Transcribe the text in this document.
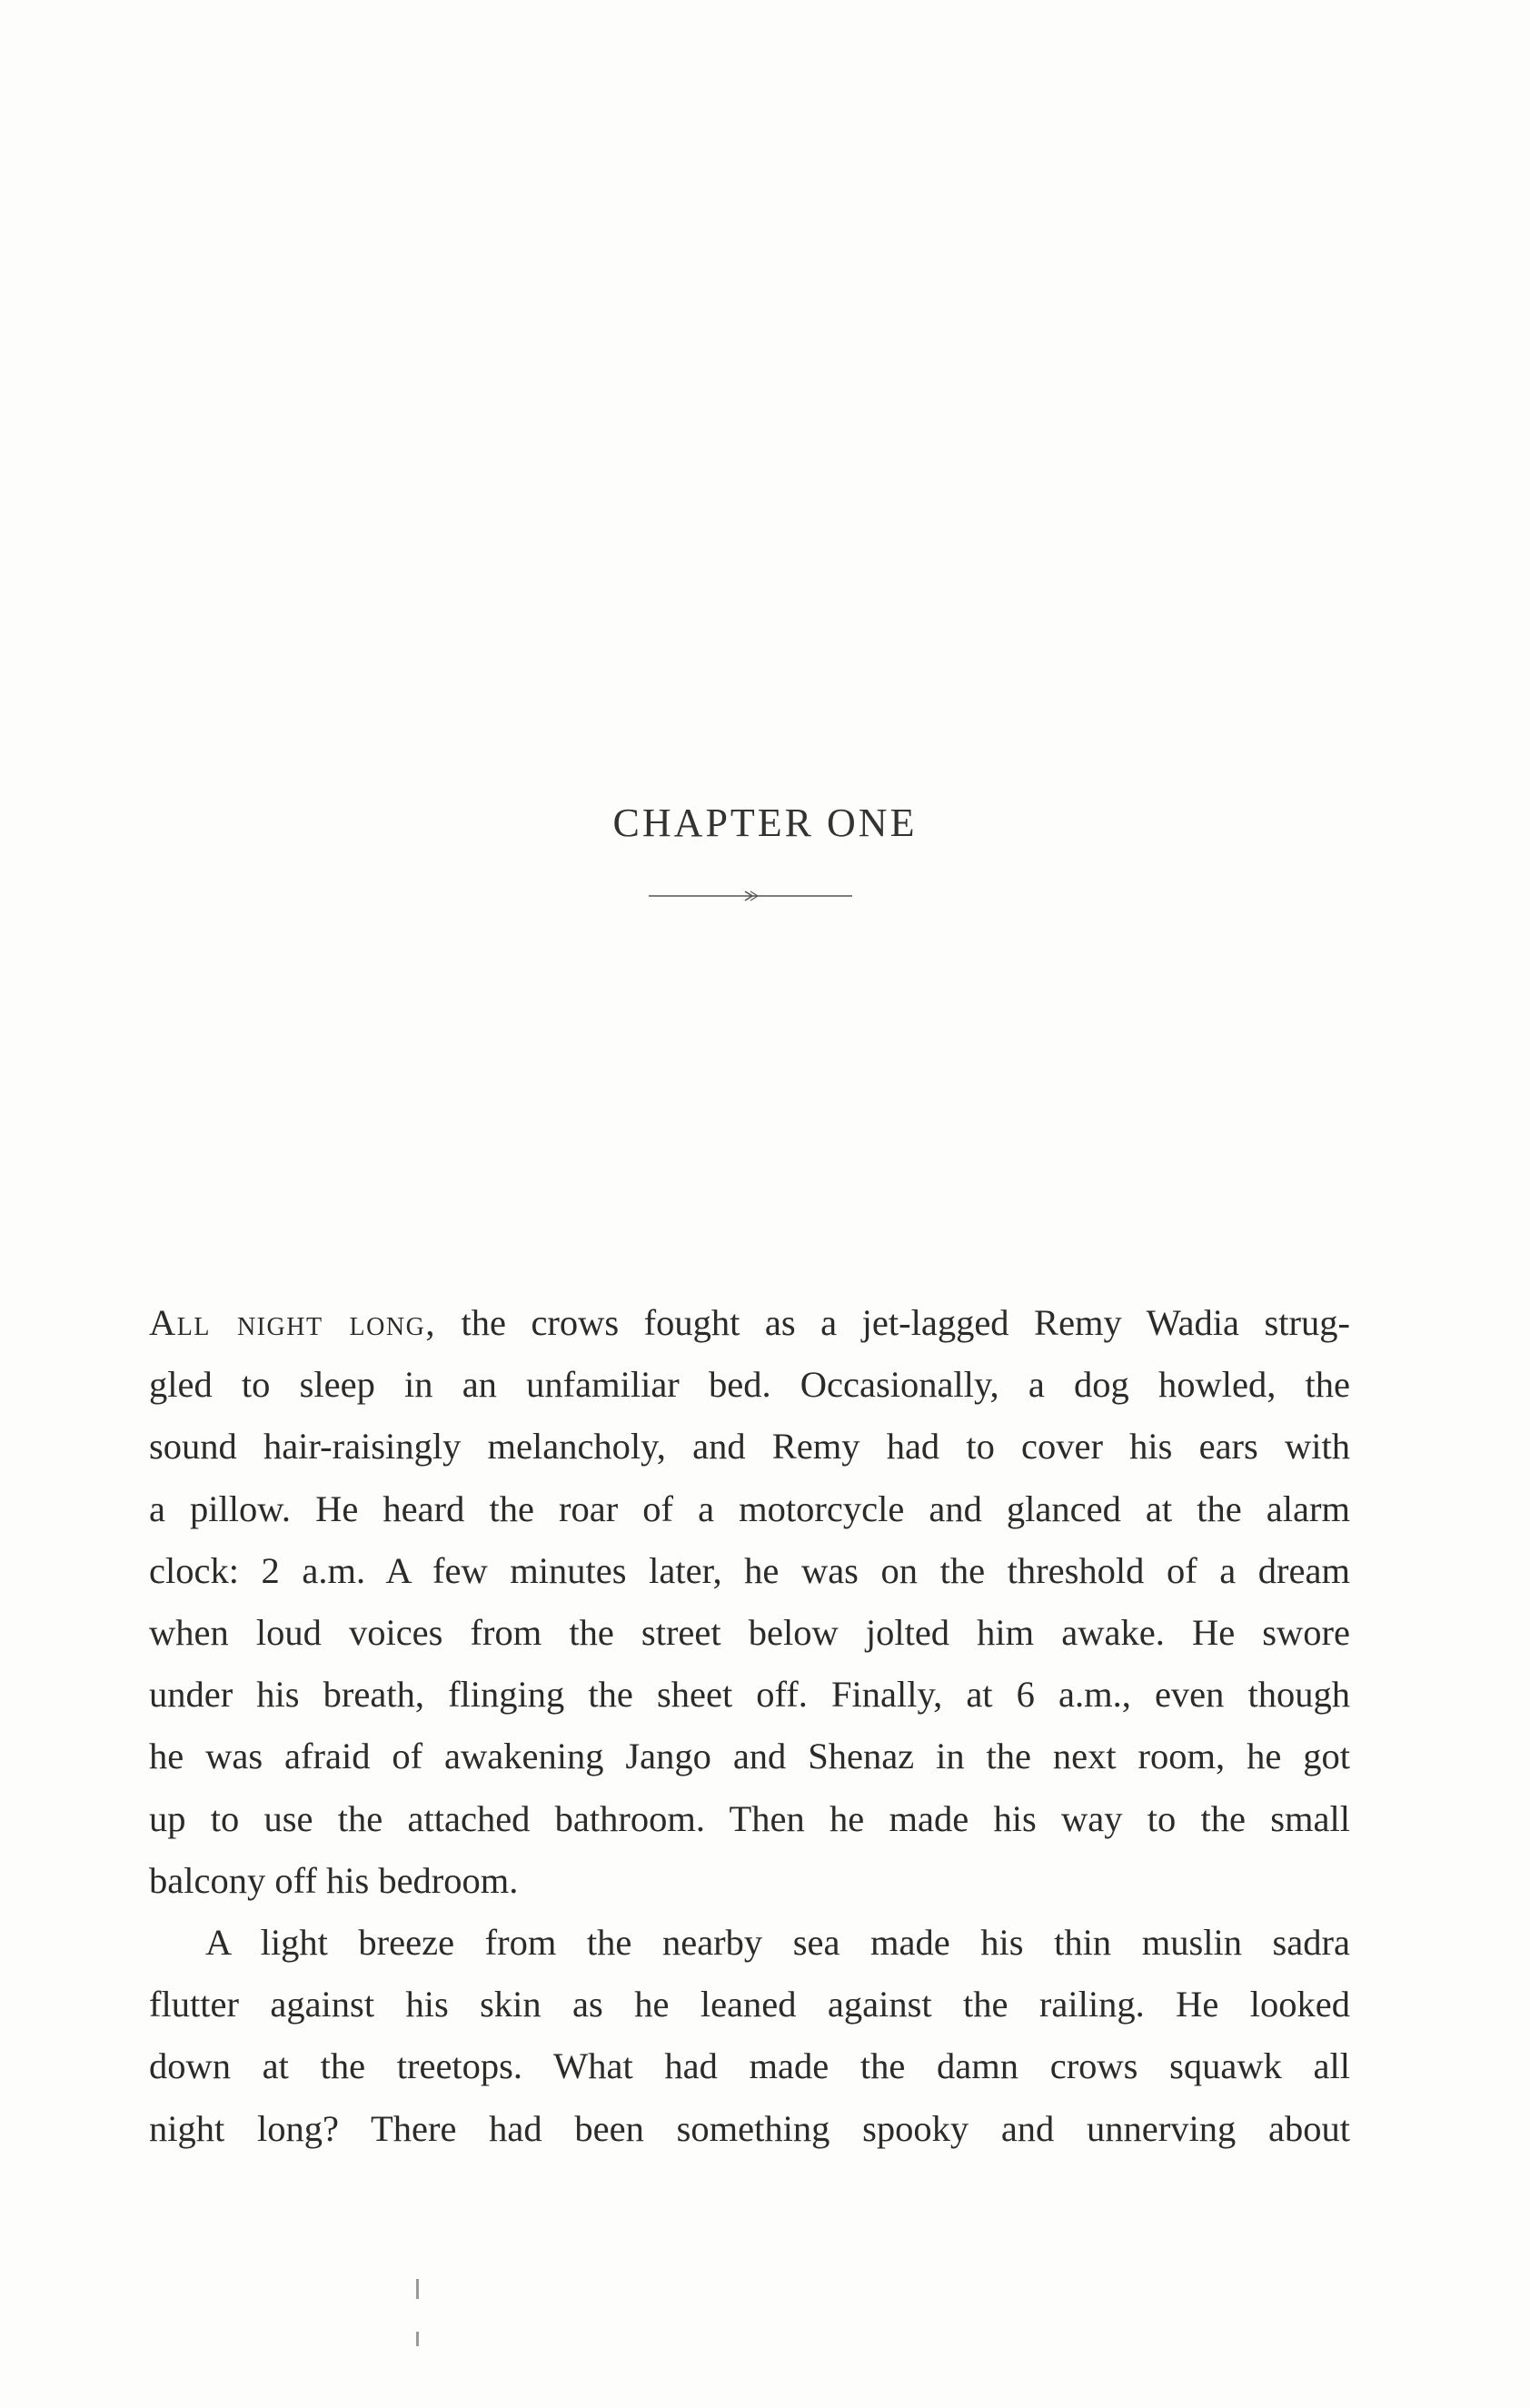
CHAPTER ONE
All night long, the crows fought as a jet-lagged Remy Wadia strug-
gled to sleep in an unfamiliar bed. Occasionally, a dog howled, the
sound hair-raisingly melancholy, and Remy had to cover his ears with
a pillow. He heard the roar of a motorcycle and glanced at the alarm
clock: 2 a.m. A few minutes later, he was on the threshold of a dream
when loud voices from the street below jolted him awake. He swore
under his breath, flinging the sheet off. Finally, at 6 a.m., even though
he was afraid of awakening Jango and Shenaz in the next room, he got
up to use the attached bathroom. Then he made his way to the small
balcony off his bedroom.
A light breeze from the nearby sea made his thin muslin sadra
flutter against his skin as he leaned against the railing. He looked
down at the treetops. What had made the damn crows squawk all
night long? There had been something spooky and unnerving about
